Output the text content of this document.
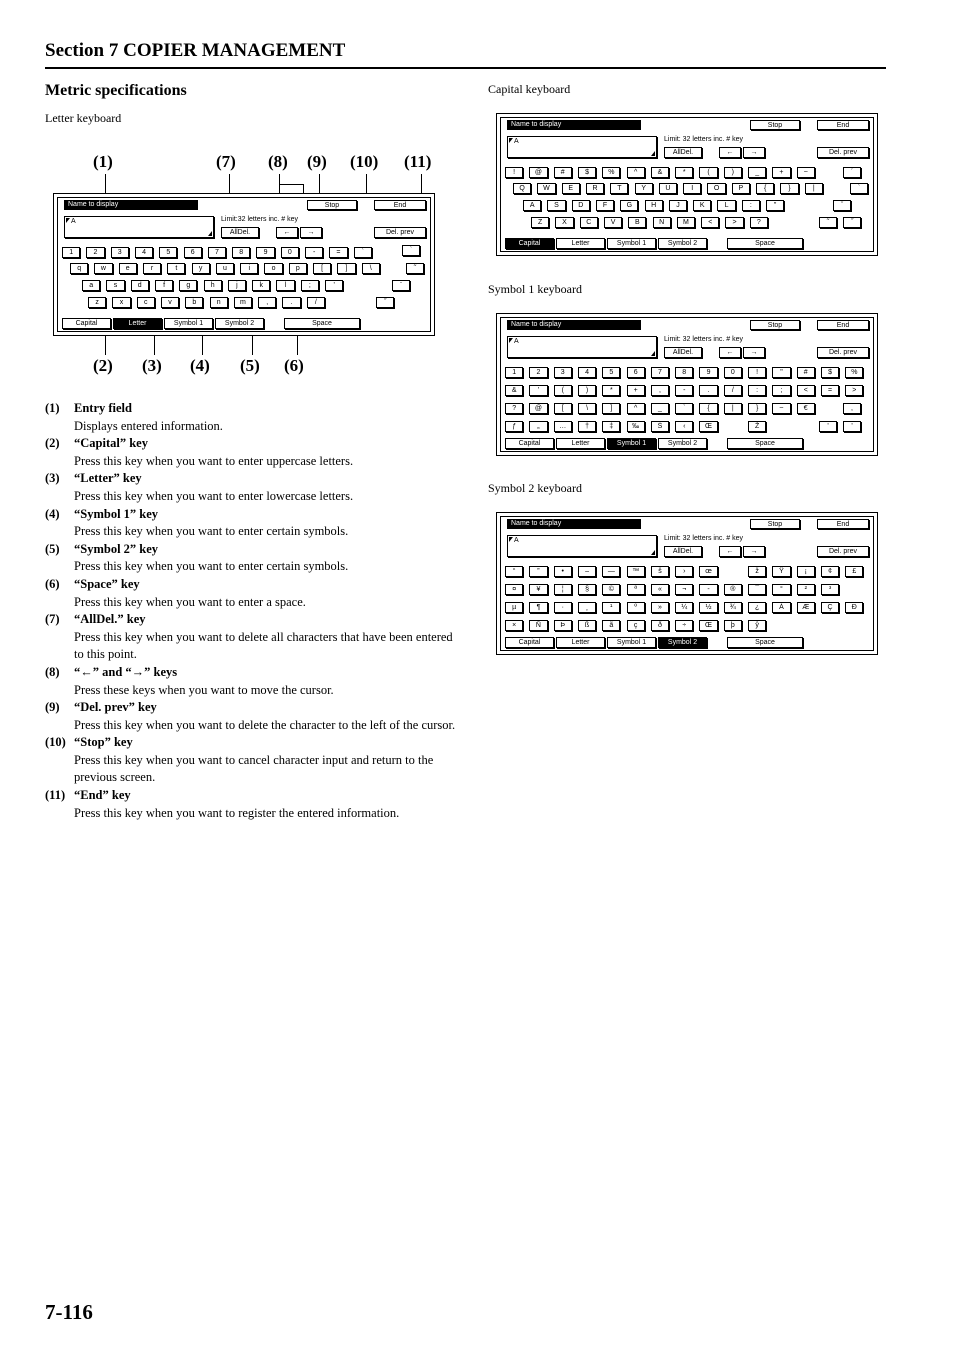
Section 7 COPIER MANAGEMENT
Metric specifications
Letter keyboard
Capital keyboard
Symbol 1 keyboard
Symbol 2 keyboard
(1)	(7) (8) (9) (10) (11)
(2) (3) (4) (5) (6)
Name to display	Stop	End
A	Limit:32 letters inc. # key
AllDel.	←	→	Del. prev
1	2	3	4	5	6	7	8	9	0	-	=	`
q	w	e	r	t	y	u	i	o	p	[	]	\
a	s	d	f	g	h	j	k	l	;	'
z	x	c	v	b	n	m	,	.	/
`
˜
¨
˝
Capital	Letter	Symbol 1	Symbol 2	Space
Name to display	Stop	End
A	Limit: 32 letters inc. # key
AllDel.	←	→	Del. prev
!	@	#	$	%	^	&	*	(	)	_	+	~
Q	W	E	R	T	Y	U	I	O	P	{	}	|
A	S	D	F	G	H	J	K	L	:	"
Z	X	C	V	B	N	M	<	>	?
´
`
ˇ
˜	˝
Capital	Letter	Symbol 1	Symbol 2	Space
Name to display	Stop	End
A	Limit: 32 letters inc. # key
AllDel.	←	→	Del. prev
1	2	3	4	5	6	7	8	9	0	!	"	#	$	%
&	'	(	)	*	+	,	-	.	/	:	;	<	=	>
?	@	[	\	]	^	_	`	{	|	}	~	€
ƒ	„	…	†	‡	‰	Š	‹	Œ	Ž
,
'	'
Capital	Letter	Symbol 1	Symbol 2	Space
Name to display	Stop	End
A	Limit: 32 letters inc. # key
AllDel.	←	→	Del. prev
“	”	•	–	—	™	š	›	œ	ž	Ÿ	¡	¢	£
¤	¥	¦	§	©	ª	«	¬	-	®	¯	°	²	³
µ	¶	·	¸	¹	º	»	¼	½	¾	¿	À	Æ	Ç	Ð
×	Ñ	Þ	ß	ã	ç	ð	÷	Œ	þ	ŷ
Capital	Letter	Symbol 1	Symbol 2	Space
(1) Entry field
Displays entered information.
(2) “Capital” key
Press this key when you want to enter uppercase letters.
(3) “Letter” key
Press this key when you want to enter lowercase letters.
(4) “Symbol 1” key
Press this key when you want to enter certain symbols.
(5) “Symbol 2” key
Press this key when you want to enter certain symbols.
(6) “Space” key
Press this key when you want to enter a space.
(7) “AllDel.” key
Press this key when you want to delete all characters that have been entered to this point.
(8) “←” and “→” keys
Press these keys when you want to move the cursor.
(9) “Del. prev” key
Press this key when you want to delete the character to the left of the cursor.
(10) “Stop” key
Press this key when you want to cancel character input and return to the previous screen.
(11) “End” key
Press this key when you want to register the entered information.
7-116
